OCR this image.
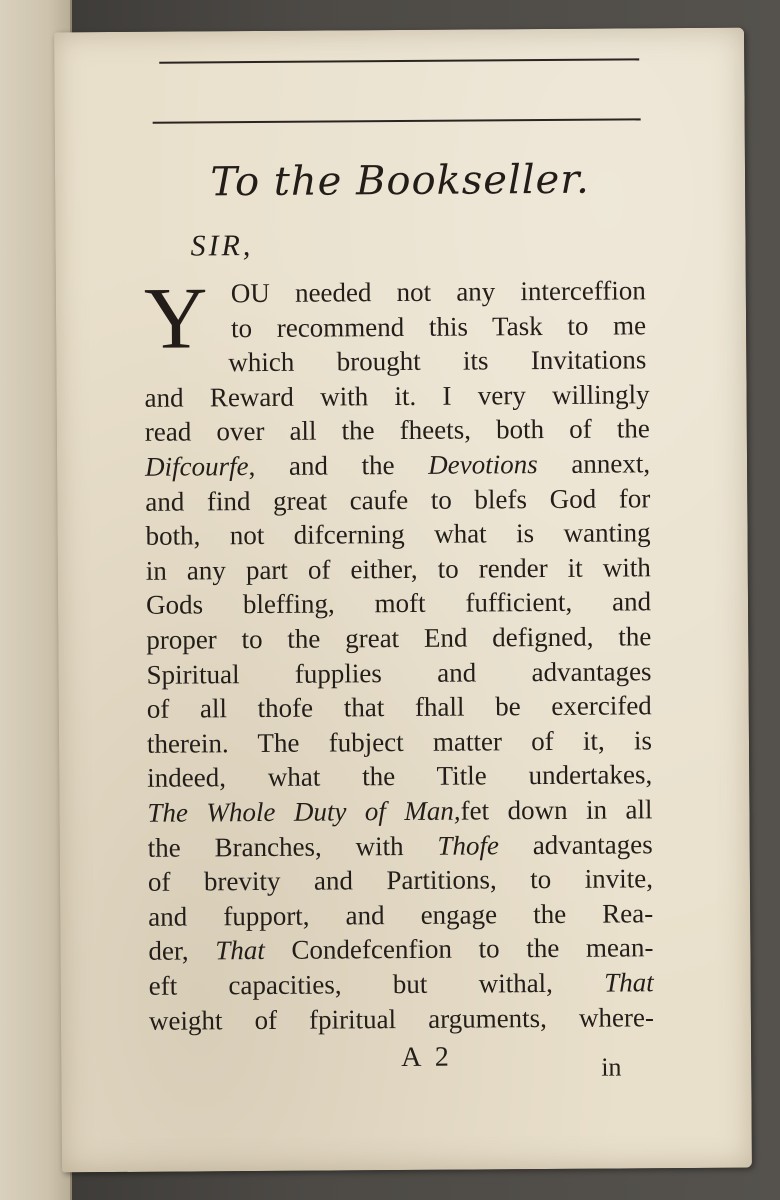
To the Bookseller.
SIR,
Y OU needed not any interceffion
to recommend this Task to me
which brought its Invitations
and Reward with it. I very willingly
read over all the fheets, both of the
Difcourfe, and the Devotions annext,
and find great caufe to blefs God for
both, not difcerning what is wanting
in any part of either, to render it with
Gods bleffing, moft fufficient, and
proper to the great End defigned, the
Spiritual fupplies and advantages
of all thofe that fhall be exercifed
therein. The fubject matter of it, is
indeed, what the Title undertakes,
The Whole Duty of Man,fet down in all
the Branches, with Thofe advantages
of brevity and Partitions, to invite,
and fupport, and engage the Rea-
der, That Condefcenfion to the mean-
eft capacities, but withal, That
weight of fpiritual arguments, where-
A 2	in
